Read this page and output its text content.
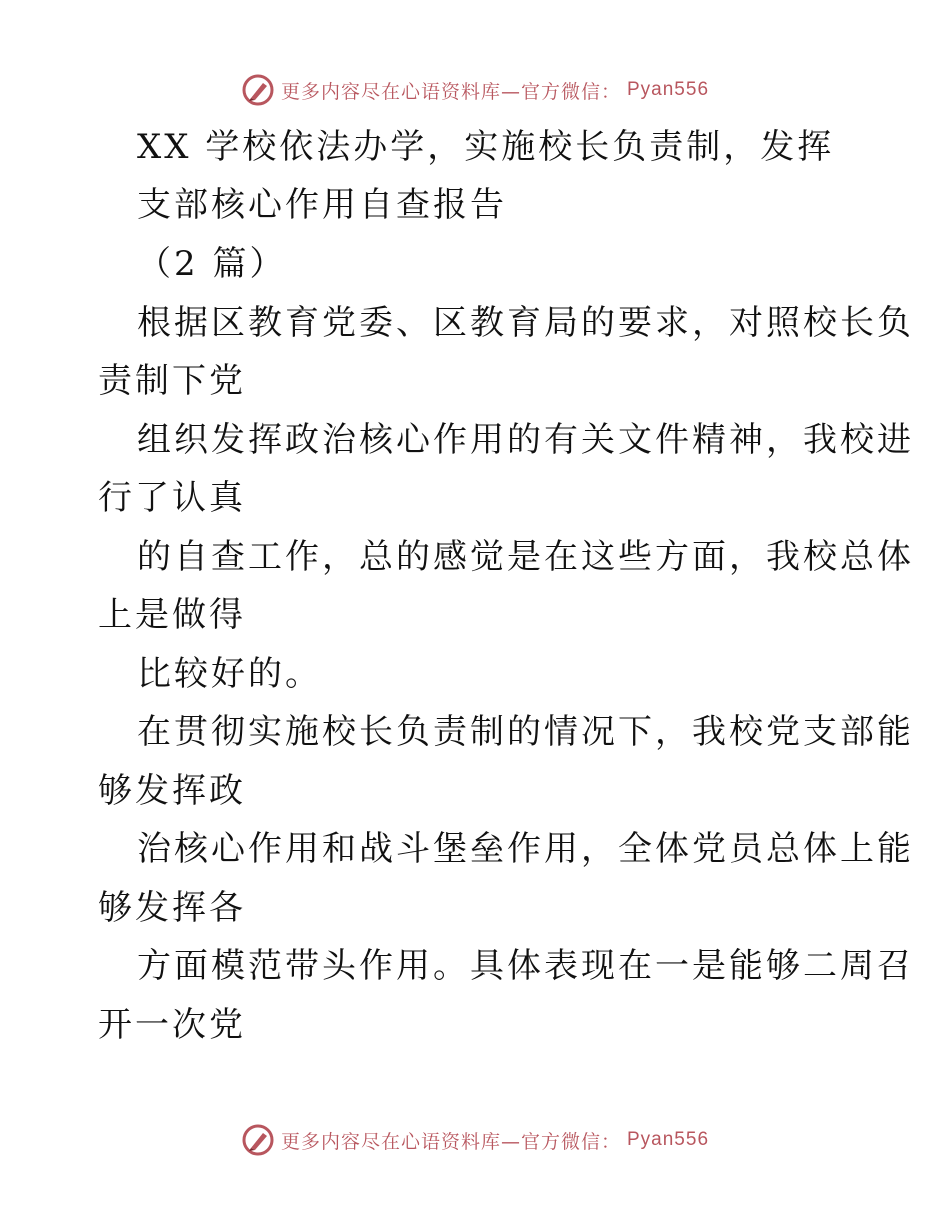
更多内容尽在心语资料库—官方微信： Pyan556
XX 学校依法办学，实施校长负责制，发挥
支部核心作用自查报告
（2 篇）
根据区教育党委、区教育局的要求，对照校长负
责制下党
组织发挥政治核心作用的有关文件精神，我校进
行了认真
的自查工作，总的感觉是在这些方面，我校总体
上是做得
比较好的。
在贯彻实施校长负责制的情况下，我校党支部能
够发挥政
治核心作用和战斗堡垒作用，全体党员总体上能
够发挥各
方面模范带头作用。具体表现在一是能够二周召
开一次党
更多内容尽在心语资料库—官方微信： Pyan556
